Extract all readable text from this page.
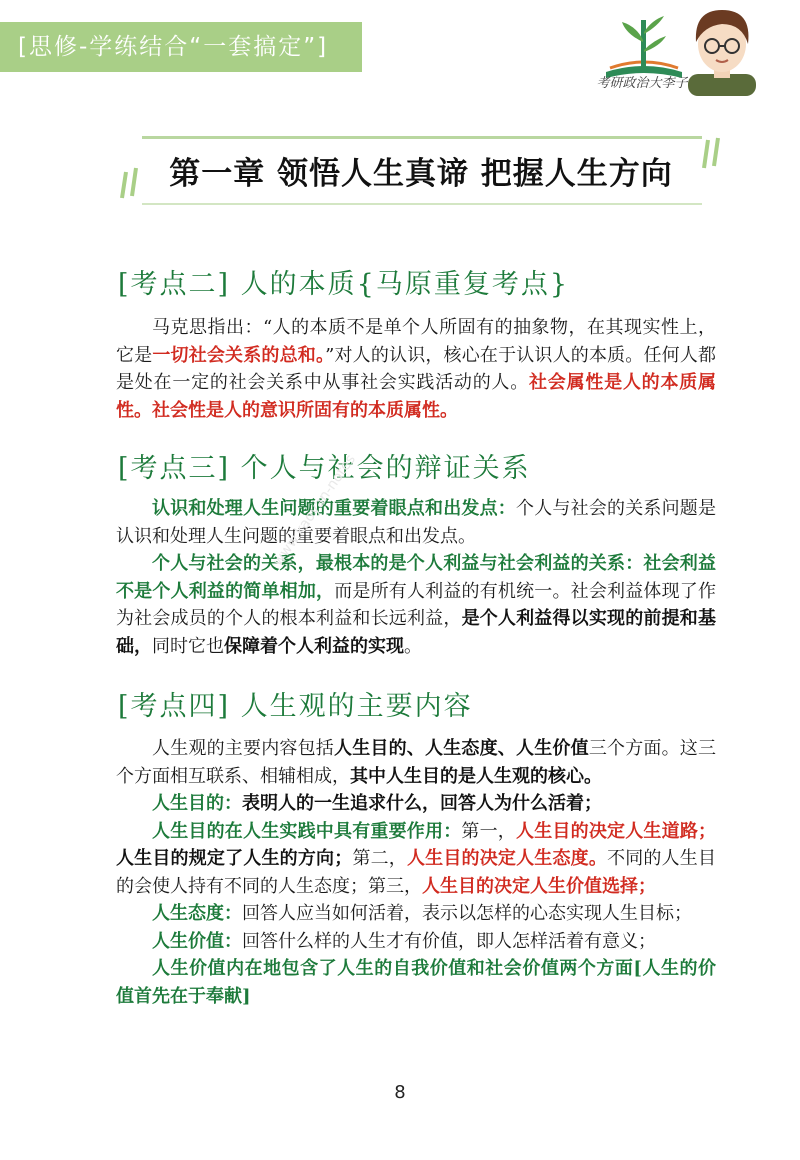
[思修-学练结合“一套搞定”]
考研政治大李子
第一章 领悟人生真谛 把握人生方向
[考点二] 人的本质{马原重复考点}

马克思指出：“人的本质不是单个人所固有的抽象物，在其现实性上，它是一切社会关系的总和。”对人的认识，核心在于认识人的本质。任何人都是处在一定的社会关系中从事社会实践活动的人。社会属性是人的本质属性。社会性是人的意识所固有的本质属性。

[考点三] 个人与社会的辩证关系

认识和处理人生问题的重要着眼点和出发点：个人与社会的关系问题是认识和处理人生问题的重要着眼点和出发点。

个人与社会的关系，最根本的是个人利益与社会利益的关系：社会利益不是个人利益的简单相加，而是所有人利益的有机统一。社会利益体现了作为社会成员的个人的根本利益和长远利益，是个人利益得以实现的前提和基础，同时它也保障着个人利益的实现。

www.kaoyan-notes
[考点四] 人生观的主要内容

人生观的主要内容包括人生目的、人生态度、人生价值三个方面。这三个方面相互联系、相辅相成，其中人生目的是人生观的核心。

人生目的：表明人的一生追求什么，回答人为什么活着；

人生目的在人生实践中具有重要作用：第一，人生目的决定人生道路；人生目的规定了人生的方向；第二，人生目的决定人生态度。不同的人生目的会使人持有不同的人生态度；第三，人生目的决定人生价值选择；

人生态度：回答人应当如何活着，表示以怎样的心态实现人生目标；

人生价值：回答什么样的人生才有价值，即人怎样活着有意义；

人生价值内在地包含了人生的自我价值和社会价值两个方面[人生的价值首先在于奉献]

8
